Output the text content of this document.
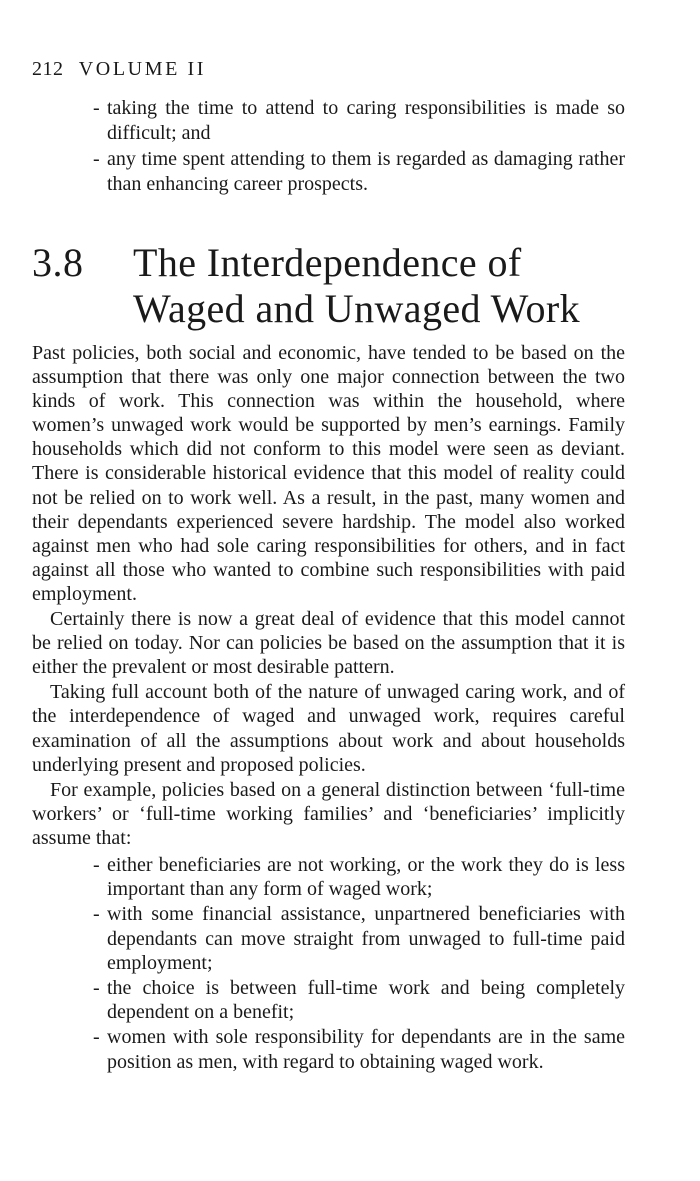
212 VOLUME II
- taking the time to attend to caring responsibilities is made so difficult; and
- any time spent attending to them is regarded as damaging rather than enhancing career prospects.
3.8 The Interdependence of Waged and Unwaged Work

Past policies, both social and economic, have tended to be based on the assumption that there was only one major connection between the two kinds of work. This connection was within the household, where women’s unwaged work would be supported by men’s earnings. Family households which did not conform to this model were seen as deviant. There is considerable historical evidence that this model of reality could not be relied on to work well. As a result, in the past, many women and their dependants experienced severe hardship. The model also worked against men who had sole caring responsibilities for others, and in fact against all those who wanted to combine such responsibilities with paid employment.

Certainly there is now a great deal of evidence that this model cannot be relied on today. Nor can policies be based on the assumption that it is either the prevalent or most desirable pattern.

Taking full account both of the nature of unwaged caring work, and of the interdependence of waged and unwaged work, requires careful examination of all the assumptions about work and about households underlying present and proposed policies.

For example, policies based on a general distinction between ‘full-time workers’ or ‘full-time working families’ and ‘beneficiaries’ implicitly assume that:

- either beneficiaries are not working, or the work they do is less important than any form of waged work;
- with some financial assistance, unpartnered beneficiaries with dependants can move straight from unwaged to full-time paid employment;
- the choice is between full-time work and being completely dependent on a benefit;
- women with sole responsibility for dependants are in the same position as men, with regard to obtaining waged work.
